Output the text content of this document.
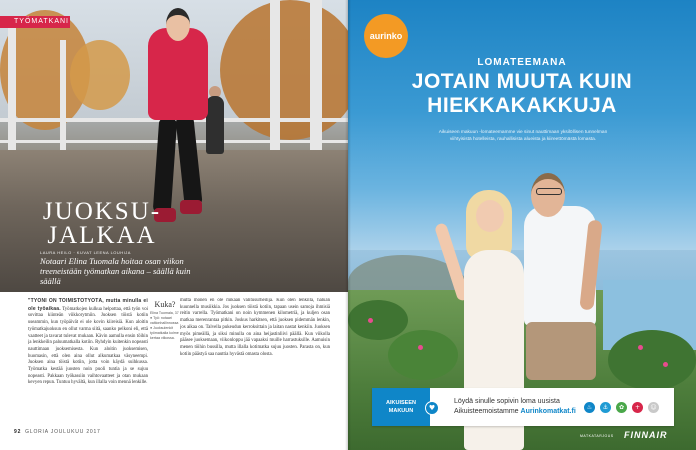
TYÖMATKANI
JUOKSU-
JALKAA
LAURA HEILO · KUVAT LEENA LOUHIJA
Notaari Elina Tuomala hoitaa osan viikon treeneistään työmatkan aikana – säällä kuin säällä
"TYÖNI ON TOIMISTOTYÖTÄ, mutta minulla ei ole työaikaa. Työmatkojen kulkua helpottaa, että työn voi sovittaa kiinteän viikkorytmiin. Juoksen töistä kotiin useammin, kun työpäivät ei ole kovin kiireisiä. Kun aloitin työmatkajuoksun en ollut varma siitä, saanko pelkoni eli, että vaatteet ja tavarat tulevat mukaan. Kävin aamulla ensin töihin ja lenkkeilin paluumatkalla kotiin. Ryhdyin kuitenkin nopeasti nauttimaan juoksemisesta. Kun aloitin juoksemisen, huomasin, että olen aina ollut alkumatkaa väsyneempi. Juoksen aina töistä kotiin, jotta voin käydä suihkussa. Työmatka kestää juosten noin puoli tuntia ja se sujuu nopeasti. Pakkaan työkassiin vaihtovaatteet ja otan mukaan kevyen repun. Tuntuu hyvältä, kun illalla voin mennä lenkille.
Kuka?
Elina Tuomala, 37 ● Työ: notaari valtionhallinnossa ● Juoksulenkit työmatkalla kolme kertaa viikossa.
mutta monen en ole mikään valitusurheilija. Kun olen lenkillä, haluan kuunnella musiikkia. Jos juoksen töistä kotiin, tapaan usein samoja ihmisiä reitin varrella. Työmatkani on noin kymmenen kilometriä, ja kuljen osan matkaa merenrantaa pitkin. Joskus harkitsen, että juoksen pidemmän lenkin, jos aikaa on. Talvella pukeudun kerroksittain ja laitan nastat kenkiin. Juoksen myös pimeällä, ja siksi minulla on aina heijastinliivi päällä. Kun viikolla pääsee juoksemaan, viikonloppu jää vapaaksi muille harrastuksille. Aamuisin menen töihin bussilla, mutta illalla kotimatka sujuu juosten. Parasta on, kun kotiin päästyä saa nauttia hyvästä omasta olosta.
92 GLORIA JOULUKUU 2017
aurinko
LOMATEEMANA
JOTAIN MUUTA KUIN
HIEKKAKAKKUJA
Aikuiseen makuun -lomateemamme vie sinut nauttimaan yksilöllisen tunnelman viihtyisistä hotelleista, rauhallisista alueista ja kiireettömästä lomasta.
AIKUISEEN
MAKUUN	♥
Löydä sinulle sopivin loma uusista
Aikuisteemoistamme Aurinkomatkat.fi
♨	⚓	✿	+	☺
MATKATARJOUS FINNAIR
